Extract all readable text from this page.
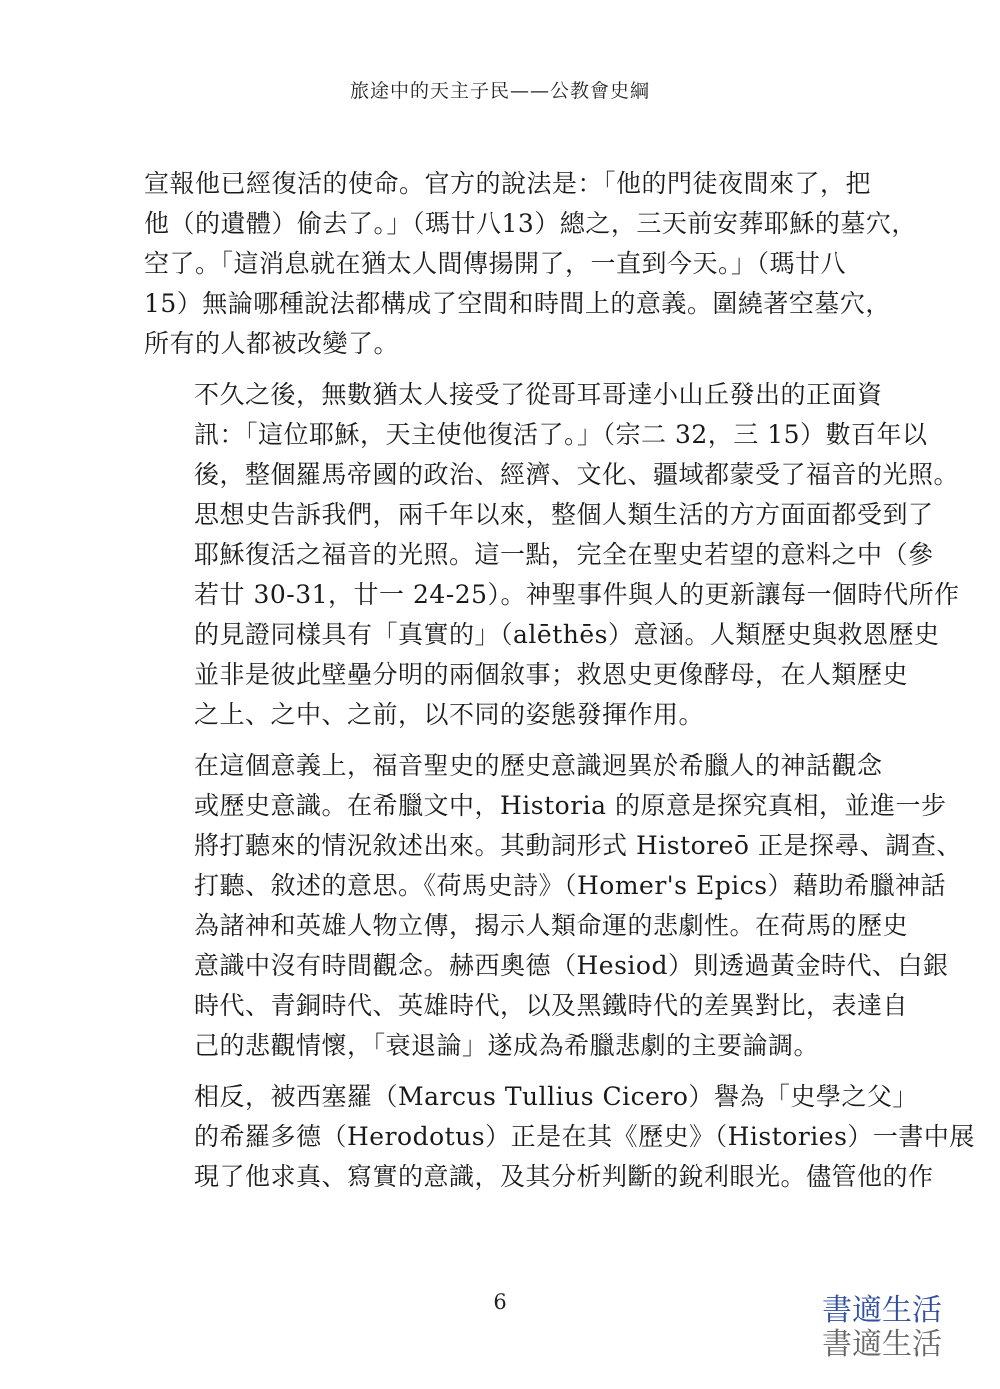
旅途中的天主子民——公教會史綱
宣報他已經復活的使命。官方的說法是：「他的門徒夜間來了，把
他（的遺體）偷去了。」（瑪廿八13）總之，三天前安葬耶穌的墓穴，
空了。「這消息就在猶太人間傳揚開了，一直到今天。」（瑪廿八
15）無論哪種說法都構成了空間和時間上的意義。圍繞著空墓穴，
所有的人都被改變了。
不久之後，無數猶太人接受了從哥耳哥達小山丘發出的正面資
訊：「這位耶穌，天主使他復活了。」（宗二 32，三 15）數百年以
後，整個羅馬帝國的政治、經濟、文化、疆域都蒙受了福音的光照。
思想史告訴我們，兩千年以來，整個人類生活的方方面面都受到了
耶穌復活之福音的光照。這一點，完全在聖史若望的意料之中（參
若廿 30-31，廿一 24-25）。神聖事件與人的更新讓每一個時代所作
的見證同樣具有「真實的」（alēthēs）意涵。人類歷史與救恩歷史
並非是彼此壁壘分明的兩個敘事；救恩史更像酵母，在人類歷史
之上、之中、之前，以不同的姿態發揮作用。
在這個意義上，福音聖史的歷史意識迥異於希臘人的神話觀念
或歷史意識。在希臘文中，Historia 的原意是探究真相，並進一步
將打聽來的情況敘述出來。其動詞形式 Historeō 正是探尋、調查、
打聽、敘述的意思。《荷馬史詩》（Homer's Epics）藉助希臘神話
為諸神和英雄人物立傳，揭示人類命運的悲劇性。在荷馬的歷史
意識中沒有時間觀念。赫西奧德（Hesiod）則透過黃金時代、白銀
時代、青銅時代、英雄時代，以及黑鐵時代的差異對比，表達自
己的悲觀情懷，「衰退論」遂成為希臘悲劇的主要論調。
相反，被西塞羅（Marcus Tullius Cicero）譽為「史學之父」
的希羅多德（Herodotus）正是在其《歷史》（Histories）一書中展
現了他求真、寫實的意識，及其分析判斷的銳利眼光。儘管他的作
6	書適生活
書適生活
